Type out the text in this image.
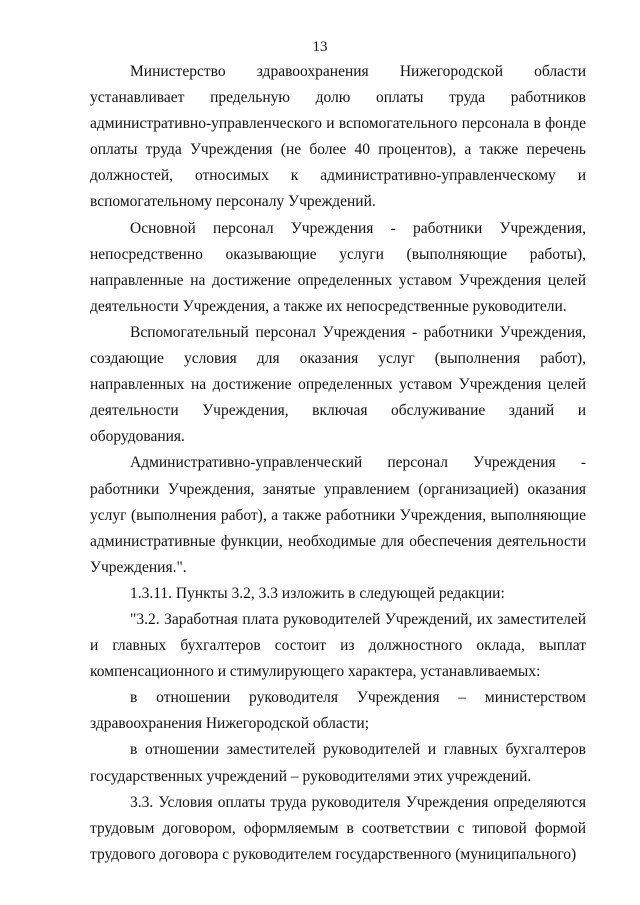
13

Министерство здравоохранения Нижегородской области устанавливает предельную долю оплаты труда работников административно-управленческого и вспомогательного персонала в фонде оплаты труда Учреждения (не более 40 процентов), а также перечень должностей, относимых к административно-управленческому и вспомогательному персоналу Учреждений.

Основной персонал Учреждения - работники Учреждения, непосредственно оказывающие услуги (выполняющие работы), направленные на достижение определенных уставом Учреждения целей деятельности Учреждения, а также их непосредственные руководители.

Вспомогательный персонал Учреждения - работники Учреждения, создающие условия для оказания услуг (выполнения работ), направленных на достижение определенных уставом Учреждения целей деятельности Учреждения, включая обслуживание зданий и оборудования.

Административно-управленческий персонал Учреждения - работники Учреждения, занятые управлением (организацией) оказания услуг (выполнения работ), а также работники Учреждения, выполняющие административные функции, необходимые для обеспечения деятельности Учреждения.".

1.3.11. Пункты 3.2, 3.3 изложить в следующей редакции:

"3.2. Заработная плата руководителей Учреждений, их заместителей и главных бухгалтеров состоит из должностного оклада, выплат компенсационного и стимулирующего характера, устанавливаемых:

в отношении руководителя Учреждения – министерством здравоохранения Нижегородской области;

в отношении заместителей руководителей и главных бухгалтеров государственных учреждений – руководителями этих учреждений.

3.3. Условия оплаты труда руководителя Учреждения определяются трудовым договором, оформляемым в соответствии с типовой формой трудового договора с руководителем государственного (муниципального)
